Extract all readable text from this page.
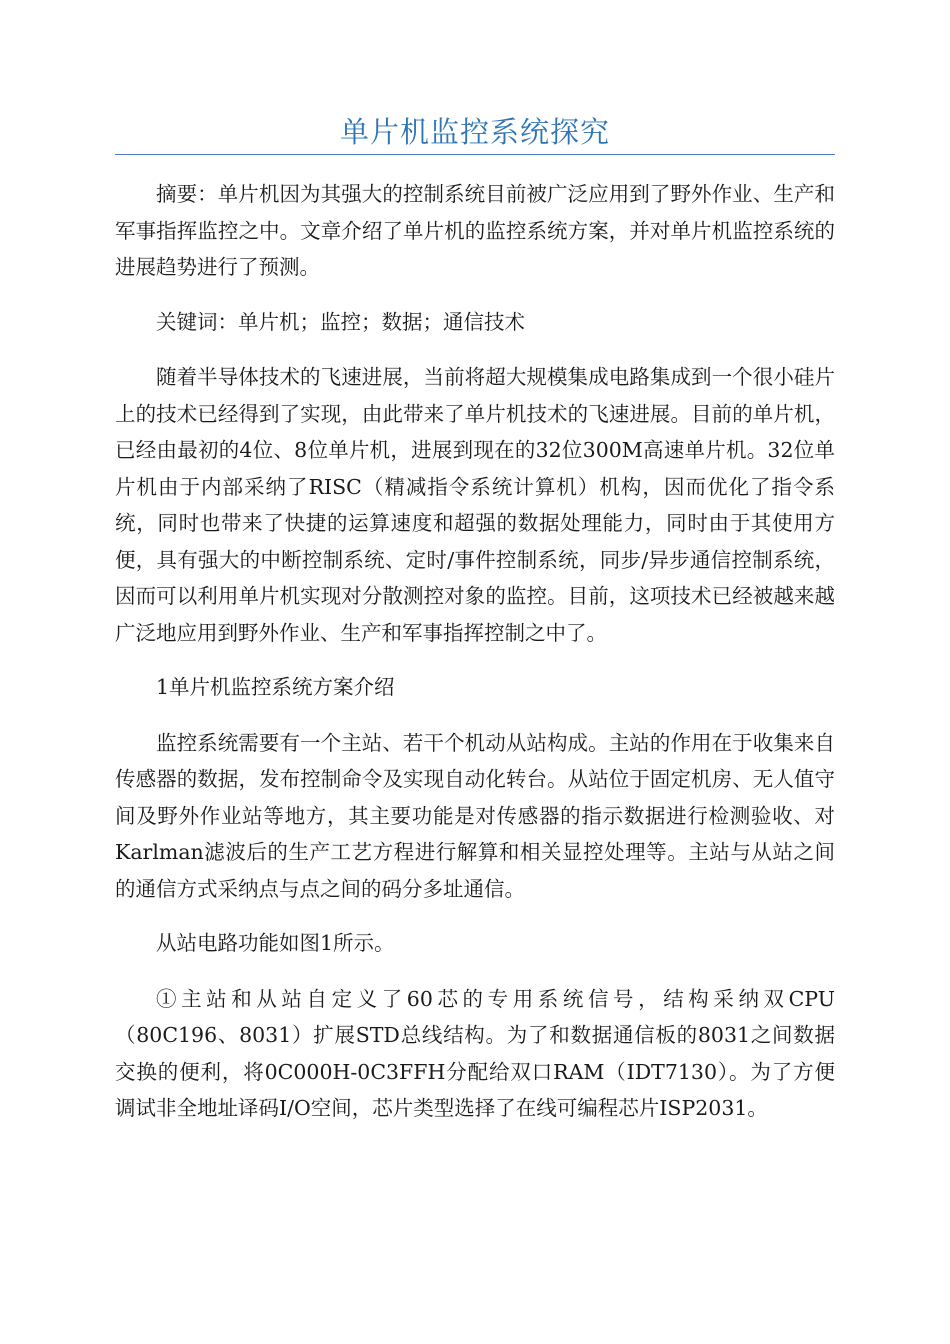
单片机监控系统探究

摘要：单片机因为其强大的控制系统目前被广泛应用到了野外作业、生产和军事指挥监控之中。文章介绍了单片机的监控系统方案，并对单片机监控系统的进展趋势进行了预测。

关键词：单片机；监控；数据；通信技术

随着半导体技术的飞速进展，当前将超大规模集成电路集成到一个很小硅片上的技术已经得到了实现，由此带来了单片机技术的飞速进展。目前的单片机，已经由最初的4位、8位单片机，进展到现在的32位300M高速单片机。32位单片机由于内部采纳了RISC（精减指令系统计算机）机构，因而优化了指令系统，同时也带来了快捷的运算速度和超强的数据处理能力，同时由于其使用方便，具有强大的中断控制系统、定时/事件控制系统，同步/异步通信控制系统，因而可以利用单片机实现对分散测控对象的监控。目前，这项技术已经被越来越广泛地应用到野外作业、生产和军事指挥控制之中了。

1单片机监控系统方案介绍

监控系统需要有一个主站、若干个机动从站构成。主站的作用在于收集来自传感器的数据，发布控制命令及实现自动化转台。从站位于固定机房、无人值守间及野外作业站等地方，其主要功能是对传感器的指示数据进行检测验收、对Karlman滤波后的生产工艺方程进行解算和相关显控处理等。主站与从站之间的通信方式采纳点与点之间的码分多址通信。

从站电路功能如图1所示。

①主站和从站自定义了60芯的专用系统信号，结构采纳双CPU（80C196、8031）扩展STD总线结构。为了和数据通信板的8031之间数据交换的便利，将0C000H-0C3FFH分配给双口RAM（IDT7130）。为了方便调试非全地址译码I/O空间，芯片类型选择了在线可编程芯片ISP2031。
